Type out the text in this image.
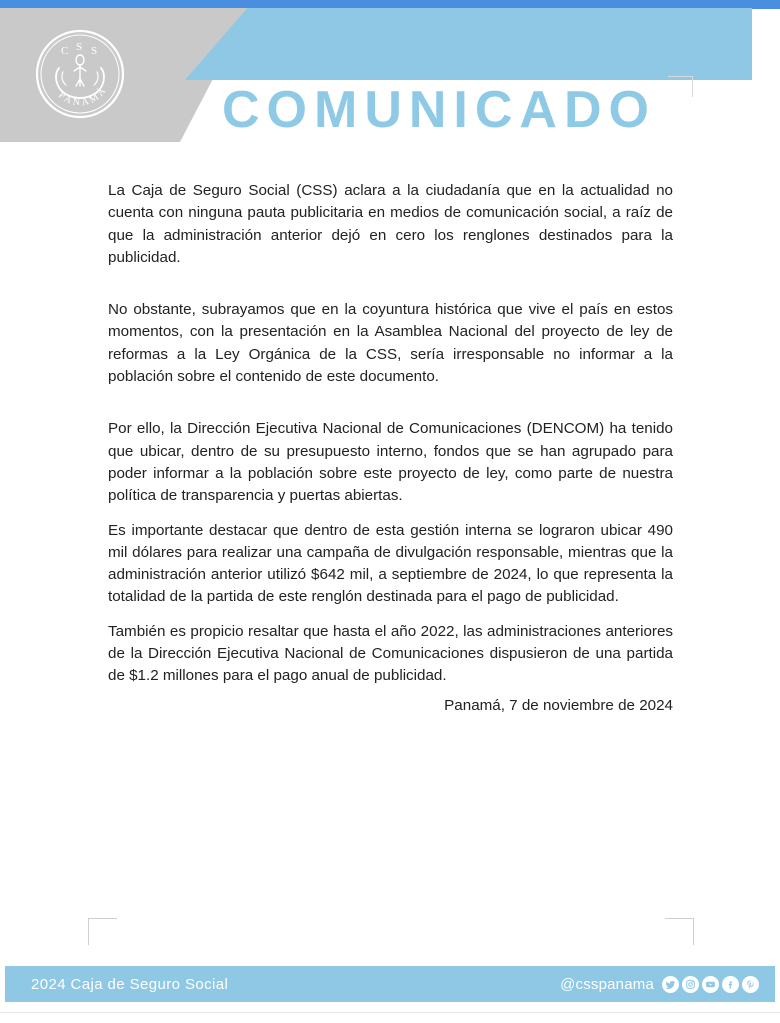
C S S
PANAMÁ COMUNICADO

La Caja de Seguro Social (CSS) aclara a la ciudadanía que en la actualidad no cuenta con ninguna pauta publicitaria en medios de comunicación social, a raíz de que la administración anterior dejó en cero los renglones destinados para la publicidad.

No obstante, subrayamos que en la coyuntura histórica que vive el país en estos momentos, con la presentación en la Asamblea Nacional del proyecto de ley de reformas a la Ley Orgánica de la CSS, sería irresponsable no informar a la población sobre el contenido de este documento.

Por ello, la Dirección Ejecutiva Nacional de Comunicaciones (DENCOM) ha tenido que ubicar, dentro de su presupuesto interno, fondos que se han agrupado para poder informar a la población sobre este proyecto de ley, como parte de nuestra política de transparencia y puertas abiertas.

Es importante destacar que dentro de esta gestión interna se lograron ubicar 490 mil dólares para realizar una campaña de divulgación responsable, mientras que la administración anterior utilizó $642 mil, a septiembre de 2024, lo que representa la totalidad de la partida de este renglón destinada para el pago de publicidad.

También es propicio resaltar que hasta el año 2022, las administraciones anteriores de la Dirección Ejecutiva Nacional de Comunicaciones dispusieron de una partida de $1.2 millones para el pago anual de publicidad.

Panamá, 7 de noviembre de 2024
2024 Caja de Seguro Social	@csspanama
